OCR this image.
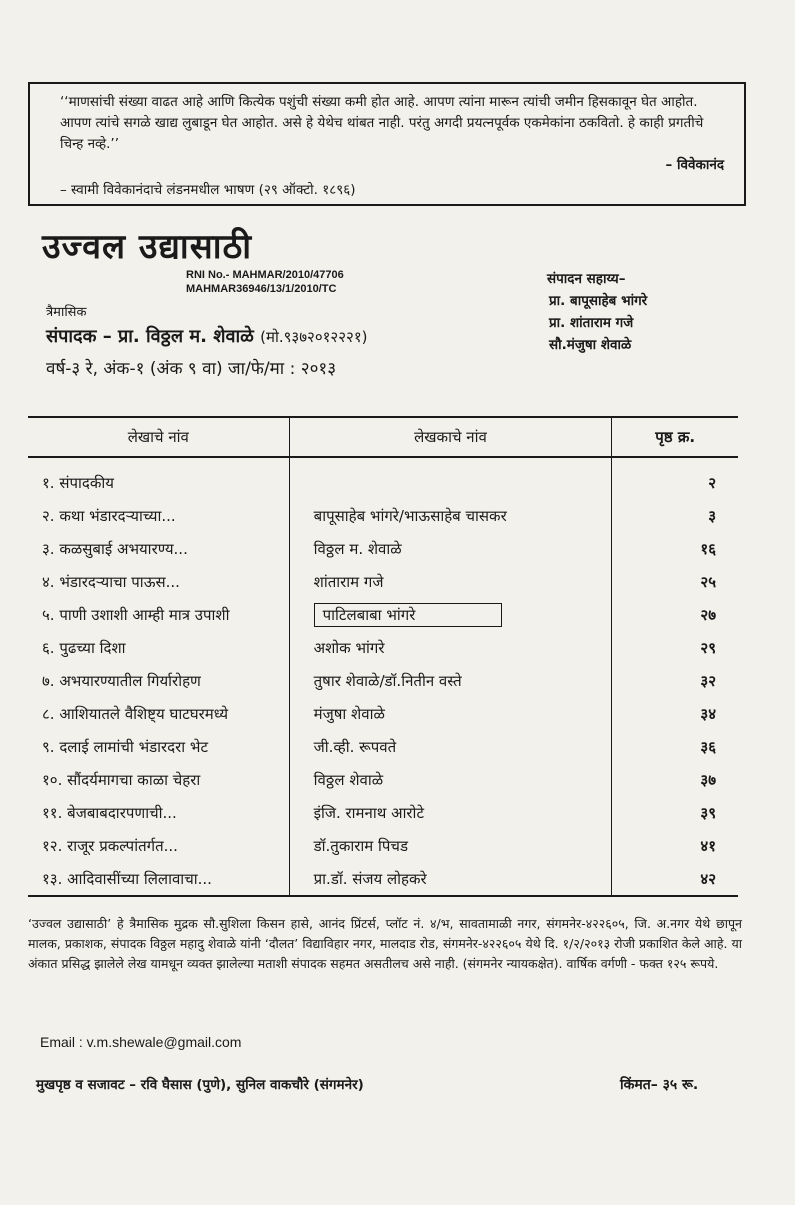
‘‘माणसांची संख्या वाढत आहे आणि कित्येक पशुंची संख्या कमी होत आहे. आपण त्यांना मारून त्यांची जमीन हिसकावून घेत आहोत. आपण त्यांचे सगळे खाद्य लुबाडून घेत आहोत. असे हे येथेच थांबत नाही. परंतु अगदी प्रयत्नपूर्वक एकमेकांना ठकवितो. हे काही प्रगतीचे चिन्ह नव्हे.’’

– विवेकानंद
– स्वामी विवेकानंदाचे लंडनमधील भाषण (२९ ऑक्टो. १८९६)
उज्वल उद्यासाठी
RNI No.- MAHMAR/2010/47706
MAHMAR36946/13/1/2010/TC
संपादन सहाय्य–
प्रा. बापूसाहेब भांगरे
प्रा. शांताराम गजे
सौ.मंजुषा शेवाळे
त्रैमासिक
संपादक – प्रा. विठ्ठल म. शेवाळे (मो.९३७२०१२२२१)
वर्ष-३ रे, अंक-१ (अंक ९ वा) जा/फे/मा : २०१३
लेखाचे नांव	लेखकाचे नांव	पृष्ठ क्र.
१. संपादकीय		२
२. कथा भंडारदऱ्याच्या...	बापूसाहेब भांगरे/भाऊसाहेब चासकर	३
३. कळसुबाई अभयारण्य...	विठ्ठल म. शेवाळे	१६
४. भंडारदऱ्याचा पाऊस...	शांताराम गजे	२५
५. पाणी उशाशी आम्ही मात्र उपाशी	पाटिलबाबा भांगरे	२७
६. पुढच्या दिशा	अशोक भांगरे	२९
७. अभयारण्यातील गिर्यारोहण	तुषार शेवाळे/डॉ.नितीन वस्ते	३२
८. आशियातले वैशिष्ट्य घाटघरमध्ये	मंजुषा शेवाळे	३४
९. दलाई लामांची भंडारदरा भेट	जी.व्ही. रूपवते	३६
१०. सौंदर्यमागचा काळा चेहरा	विठ्ठल शेवाळे	३७
११. बेजबाबदारपणाची...	इंजि. रामनाथ आरोटे	३९
१२. राजूर प्रकल्पांतर्गत...	डॉ.तुकाराम पिचड	४१
१३. आदिवासींच्या लिलावाचा...	प्रा.डॉ. संजय लोहकरे	४२
‘उज्वल उद्यासाठी’ हे त्रैमासिक मुद्रक सौ.सुशिला किसन हासे, आनंद प्रिंटर्स, प्लॉट नं. ४/भ, सावतामाळी नगर, संगमनेर-४२२६०५, जि. अ.नगर येथे छापून मालक, प्रकाशक, संपादक विठ्ठल महादु शेवाळे यांनी ‘दौलत’ विद्याविहार नगर, मालदाड रोड, संगमनेर-४२२६०५ येथे दि. १/२/२०१३ रोजी प्रकाशित केले आहे. या अंकात प्रसिद्ध झालेले लेख यामधून व्यक्त झालेल्या मताशी संपादक सहमत असतीलच असे नाही. (संगमनेर न्यायकक्षेत). वार्षिक वर्गणी - फक्त १२५ रूपये.
Email : v.m.shewale@gmail.com
मुखपृष्ठ व सजावट – रवि घैसास (पुणे), सुनिल वाकचौरे (संगमनेर)	किंमत– ३५ रू.
